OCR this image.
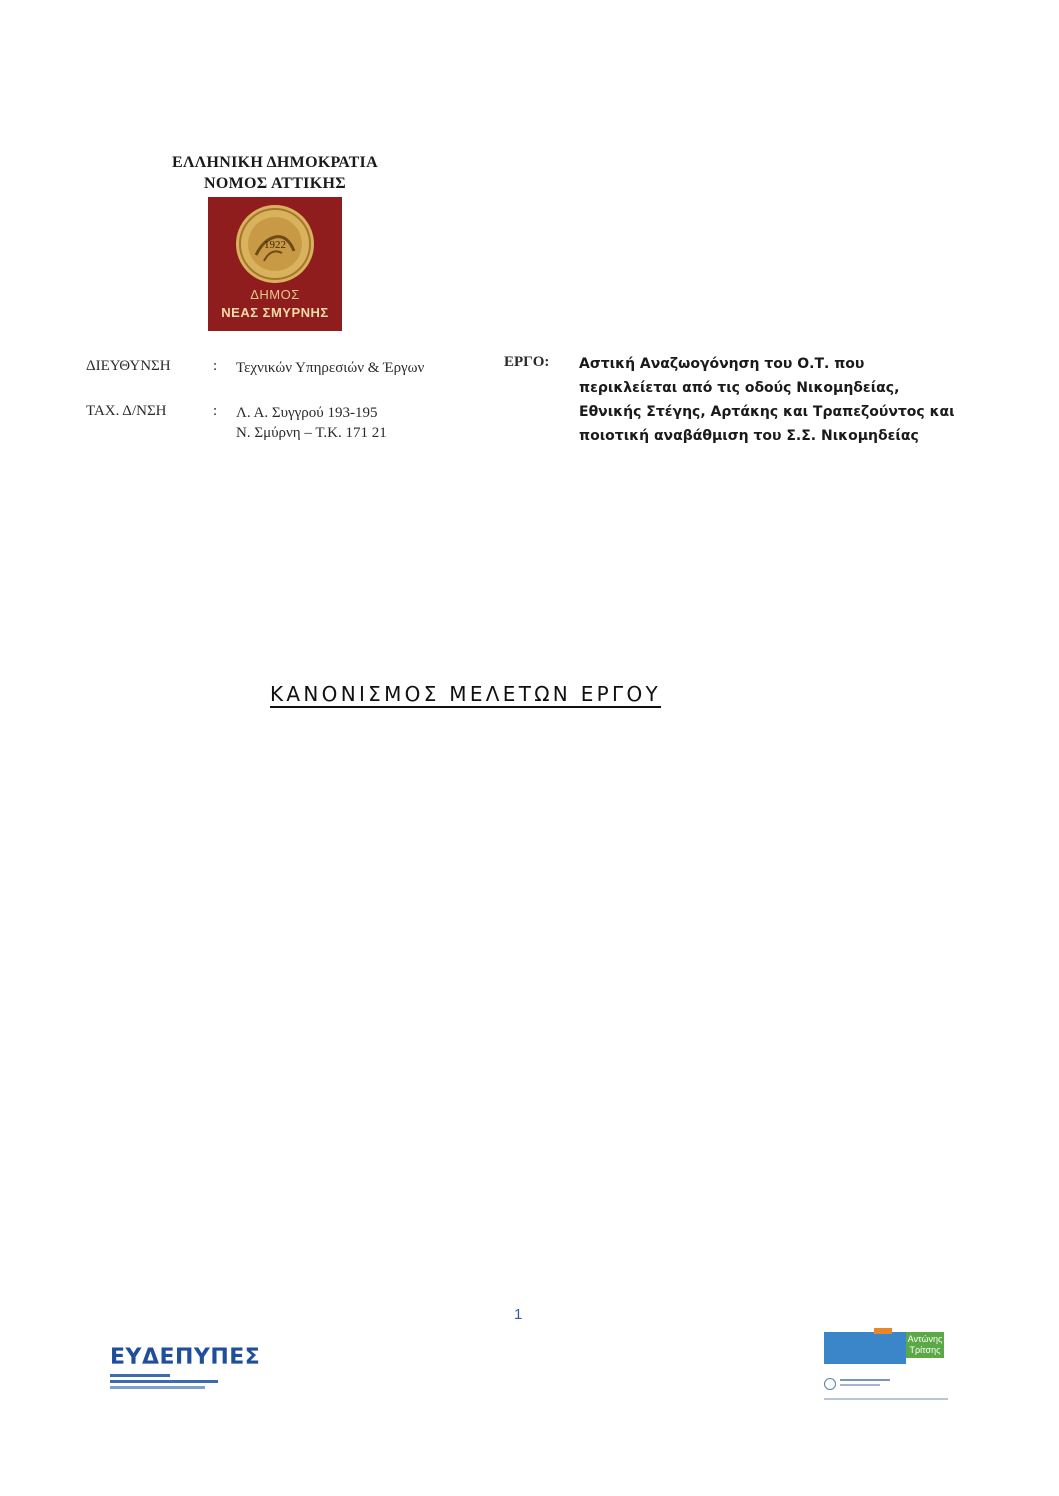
ΕΛΛΗΝΙΚΗ ΔΗΜΟΚΡΑΤΙΑ
ΝΟΜΟΣ ΑΤΤΙΚΗΣ
1922
ΔΗΜΟΣ
ΝΕΑΣ ΣΜΥΡΝΗΣ
ΔΙΕΥΘΥΝΣΗ	: Τεχνικών Υπηρεσιών & Έργων
ΤΑΧ. Δ/ΝΣΗ	: Λ. Α. Συγγρού 193-195
Ν. Σμύρνη – Τ.Κ. 171 21
ΕΡΓΟ: Αστική Αναζωογόνηση του Ο.Τ. που
περικλείεται από τις οδούς Νικομηδείας,
Εθνικής Στέγης, Αρτάκης και Τραπεζούντος και
ποιοτική αναβάθμιση του Σ.Σ. Νικομηδείας
ΚΑΝΟΝΙΣΜΟΣ ΜΕΛΕΤΩΝ ΕΡΓΟΥ
1
ΕΥΔΕΠΥΠΕΣ
Αντώνης Τρίτσης
